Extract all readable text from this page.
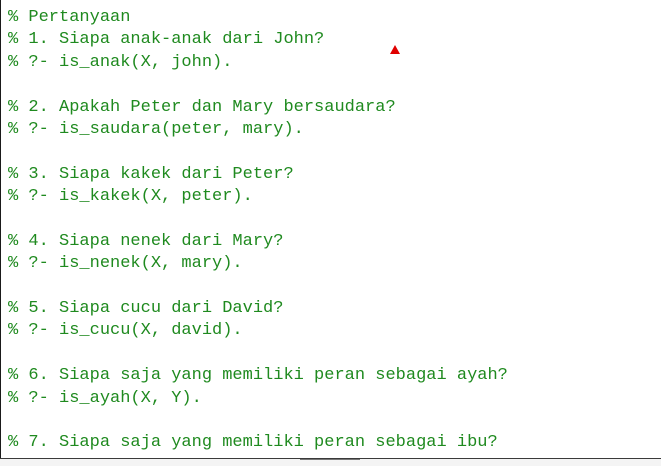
% Pertanyaan
% 1. Siapa anak-anak dari John?
% ?- is_anak(X, john).
% 2. Apakah Peter dan Mary bersaudara?
% ?- is_saudara(peter, mary).
% 3. Siapa kakek dari Peter?
% ?- is_kakek(X, peter).
% 4. Siapa nenek dari Mary?
% ?- is_nenek(X, mary).
% 5. Siapa cucu dari David?
% ?- is_cucu(X, david).
% 6. Siapa saja yang memiliki peran sebagai ayah?
% ?- is_ayah(X, Y).
% 7. Siapa saja yang memiliki peran sebagai ibu?
